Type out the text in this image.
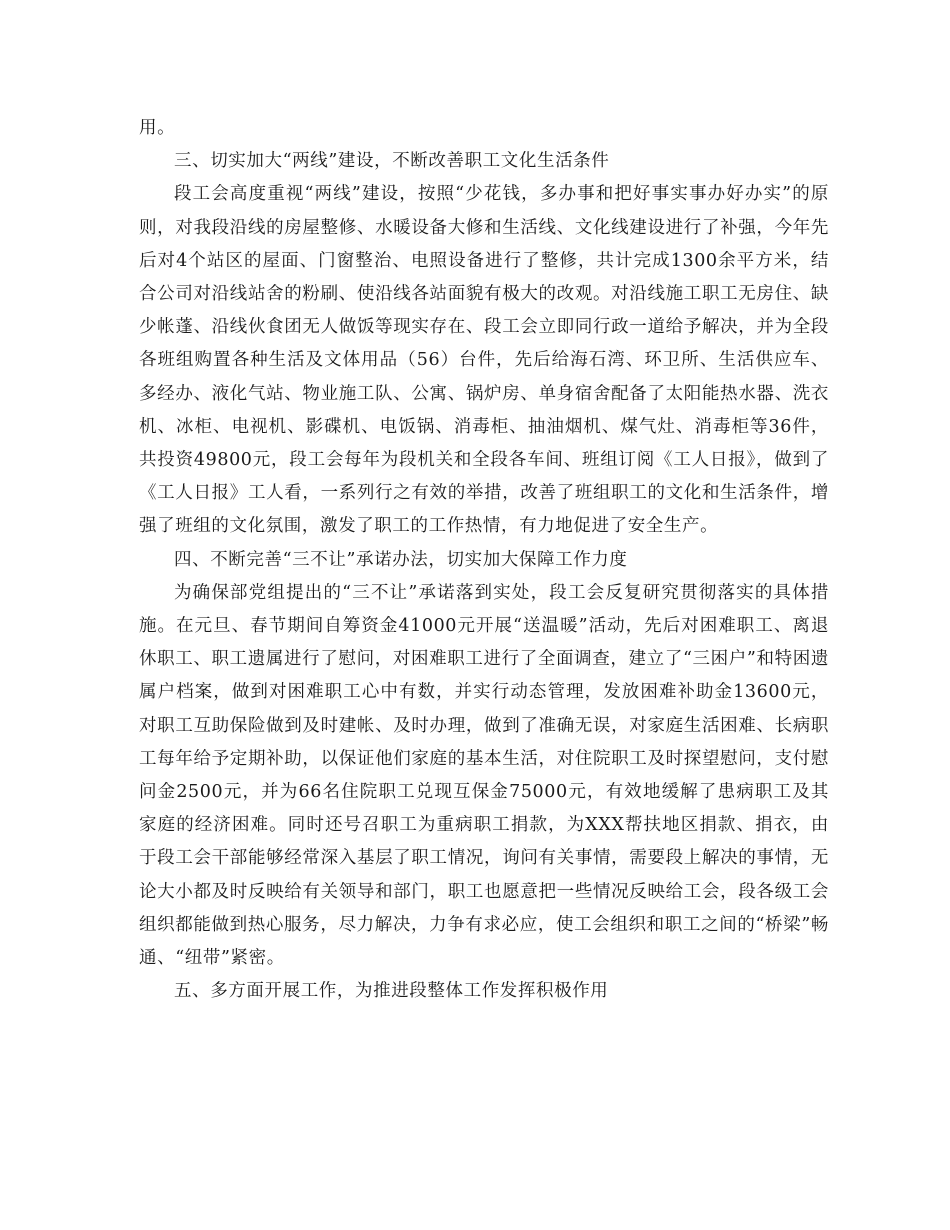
用。

三、切实加大“两线”建设，不断改善职工文化生活条件

段工会高度重视“两线”建设，按照“少花钱，多办事和把好事实事办好办实”的原则，对我段沿线的房屋整修、水暖设备大修和生活线、文化线建设进行了补强，今年先后对4个站区的屋面、门窗整治、电照设备进行了整修，共计完成1300余平方米，结合公司对沿线站舍的粉刷、使沿线各站面貌有极大的改观。对沿线施工职工无房住、缺少帐蓬、沿线伙食团无人做饭等现实存在、段工会立即同行政一道给予解决，并为全段各班组购置各种生活及文体用品（56）台件，先后给海石湾、环卫所、生活供应车、多经办、液化气站、物业施工队、公寓、锅炉房、单身宿舍配备了太阳能热水器、洗衣机、冰柜、电视机、影碟机、电饭锅、消毒柜、抽油烟机、煤气灶、消毒柜等36件，共投资49800元，段工会每年为段机关和全段各车间、班组订阅《工人日报》，做到了《工人日报》工人看，一系列行之有效的举措，改善了班组职工的文化和生活条件，增强了班组的文化氛围，激发了职工的工作热情，有力地促进了安全生产。

四、不断完善“三不让”承诺办法，切实加大保障工作力度

为确保部党组提出的“三不让”承诺落到实处，段工会反复研究贯彻落实的具体措施。在元旦、春节期间自筹资金41000元开展“送温暖”活动，先后对困难职工、离退休职工、职工遗属进行了慰问，对困难职工进行了全面调查，建立了“三困户”和特困遗属户档案，做到对困难职工心中有数，并实行动态管理，发放困难补助金13600元，对职工互助保险做到及时建帐、及时办理，做到了准确无误，对家庭生活困难、长病职工每年给予定期补助，以保证他们家庭的基本生活，对住院职工及时探望慰问，支付慰问金2500元，并为66名住院职工兑现互保金75000元，有效地缓解了患病职工及其家庭的经济困难。同时还号召职工为重病职工捐款，为XXX帮扶地区捐款、捐衣，由于段工会干部能够经常深入基层了职工情况，询问有关事情，需要段上解决的事情，无论大小都及时反映给有关领导和部门，职工也愿意把一些情况反映给工会，段各级工会组织都能做到热心服务，尽力解决，力争有求必应，使工会组织和职工之间的“桥梁”畅通、“纽带”紧密。

五、多方面开展工作，为推进段整体工作发挥积极作用
